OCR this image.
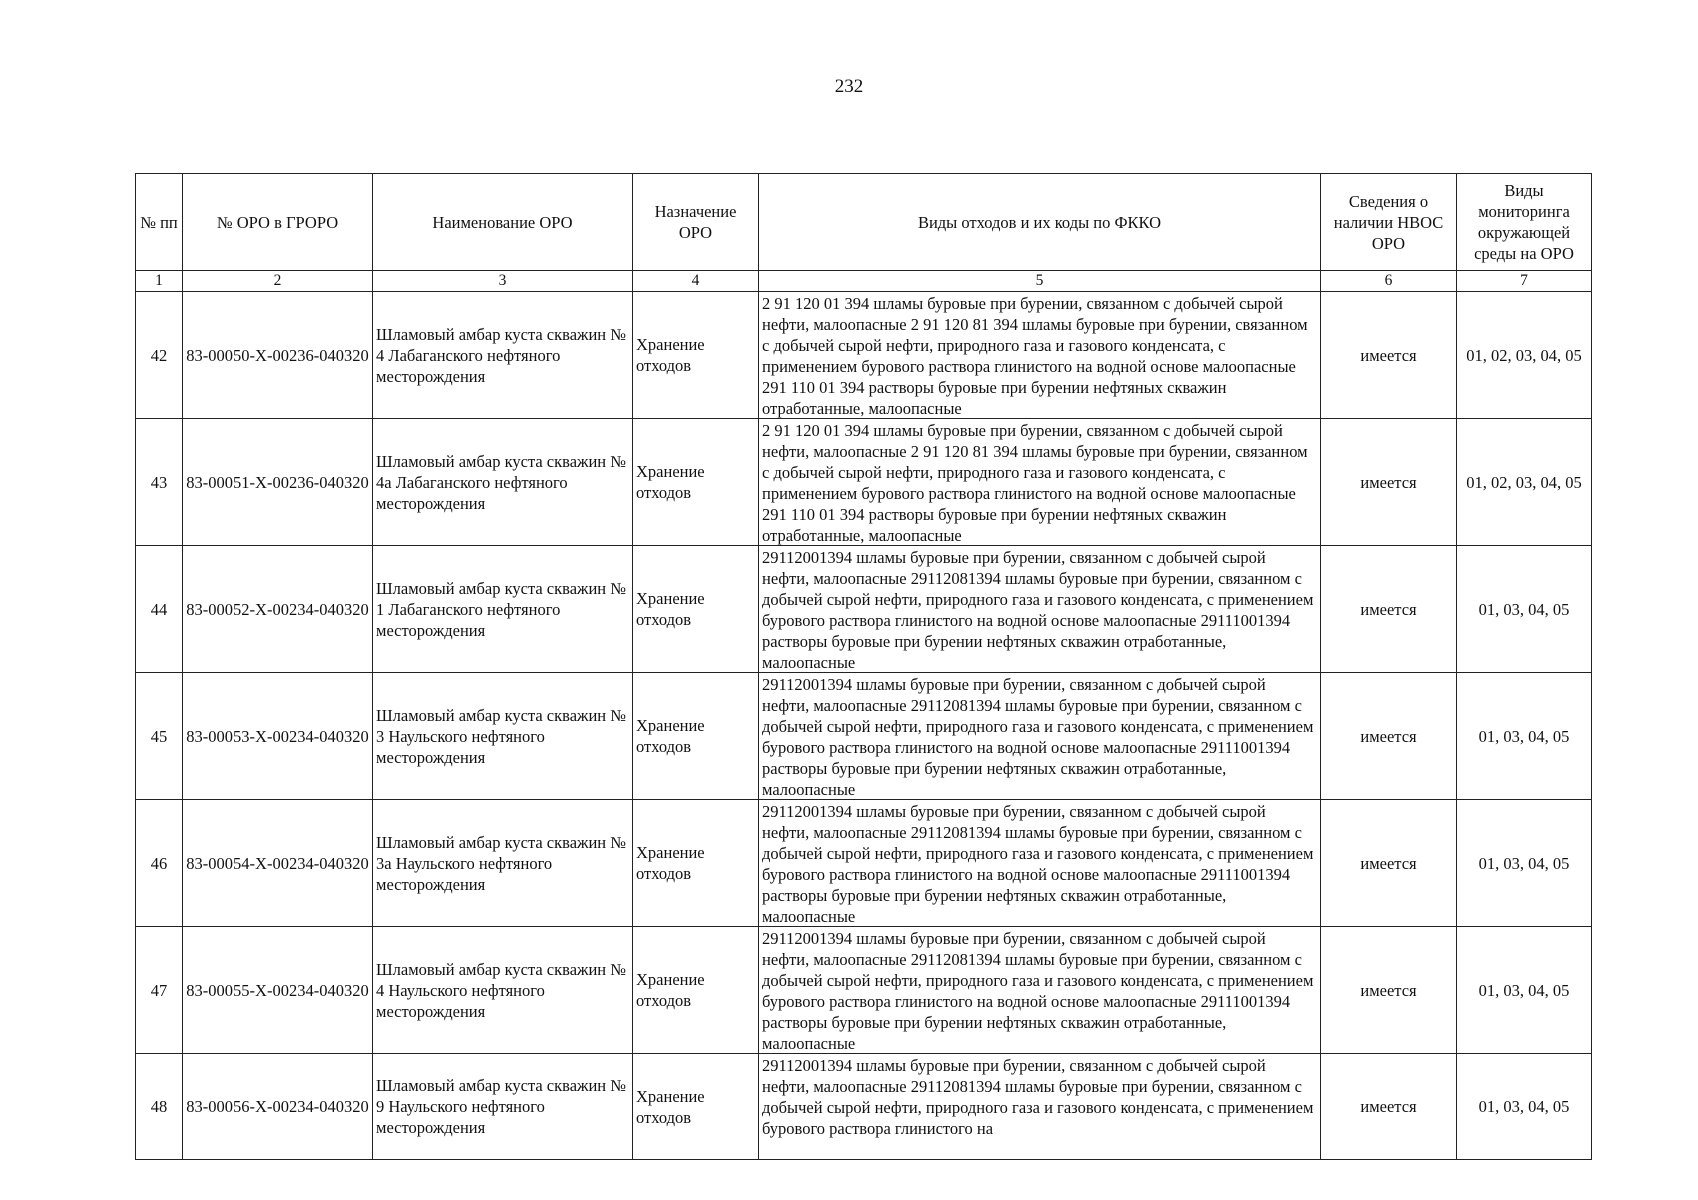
232
№ пп	№ ОРО в ГРОРО	Наименование ОРО	Назначение ОРО	Виды отходов и их коды по ФККО	Сведения о наличии НВОС ОРО	Виды мониторинга окружающей среды на ОРО
1	2	3	4	5	6	7
42	83-00050-Х-00236-040320	Шламовый амбар куста скважин № 4 Лабаганского нефтяного месторождения	Хранение отходов	2 91 120 01 394 шламы буровые при бурении, связанном с добычей сырой нефти, малоопасные 2 91 120 81 394 шламы буровые при бурении, связанном с добычей сырой нефти, природного газа и газового конденсата, с применением бурового раствора глинистого на водной основе малоопасные 291 110 01 394 растворы буровые при бурении нефтяных скважин отработанные, малоопасные	имеется	01, 02, 03, 04, 05
43	83-00051-Х-00236-040320	Шламовый амбар куста скважин № 4а Лабаганского нефтяного месторождения	Хранение отходов	2 91 120 01 394 шламы буровые при бурении, связанном с добычей сырой нефти, малоопасные 2 91 120 81 394 шламы буровые при бурении, связанном с добычей сырой нефти, природного газа и газового конденсата, с применением бурового раствора глинистого на водной основе малоопасные 291 110 01 394 растворы буровые при бурении нефтяных скважин отработанные, малоопасные	имеется	01, 02, 03, 04, 05
44	83-00052-Х-00234-040320	Шламовый амбар куста скважин № 1 Лабаганского нефтяного месторождения	Хранение отходов	29112001394 шламы буровые при бурении, связанном с добычей сырой нефти, малоопасные 29112081394 шламы буровые при бурении, связанном с добычей сырой нефти, природного газа и газового конденсата, с применением бурового раствора глинистого на водной основе малоопасные 29111001394 растворы буровые при бурении нефтяных скважин отработанные, малоопасные	имеется	01, 03, 04, 05
45	83-00053-Х-00234-040320	Шламовый амбар куста скважин № 3 Наульского нефтяного месторождения	Хранение отходов	29112001394 шламы буровые при бурении, связанном с добычей сырой нефти, малоопасные 29112081394 шламы буровые при бурении, связанном с добычей сырой нефти, природного газа и газового конденсата, с применением бурового раствора глинистого на водной основе малоопасные 29111001394 растворы буровые при бурении нефтяных скважин отработанные, малоопасные	имеется	01, 03, 04, 05
46	83-00054-Х-00234-040320	Шламовый амбар куста скважин № 3а Наульского нефтяного месторождения	Хранение отходов	29112001394 шламы буровые при бурении, связанном с добычей сырой нефти, малоопасные 29112081394 шламы буровые при бурении, связанном с добычей сырой нефти, природного газа и газового конденсата, с применением бурового раствора глинистого на водной основе малоопасные 29111001394 растворы буровые при бурении нефтяных скважин отработанные, малоопасные	имеется	01, 03, 04, 05
47	83-00055-Х-00234-040320	Шламовый амбар куста скважин № 4 Наульского нефтяного месторождения	Хранение отходов	29112001394 шламы буровые при бурении, связанном с добычей сырой нефти, малоопасные 29112081394 шламы буровые при бурении, связанном с добычей сырой нефти, природного газа и газового конденсата, с применением бурового раствора глинистого на водной основе малоопасные 29111001394 растворы буровые при бурении нефтяных скважин отработанные, малоопасные	имеется	01, 03, 04, 05
48	83-00056-Х-00234-040320	Шламовый амбар куста скважин № 9 Наульского нефтяного месторождения	Хранение отходов	29112001394 шламы буровые при бурении, связанном с добычей сырой нефти, малоопасные 29112081394 шламы буровые при бурении, связанном с добычей сырой нефти, природного газа и газового конденсата, с применением бурового раствора глинистого на	имеется	01, 03, 04, 05
